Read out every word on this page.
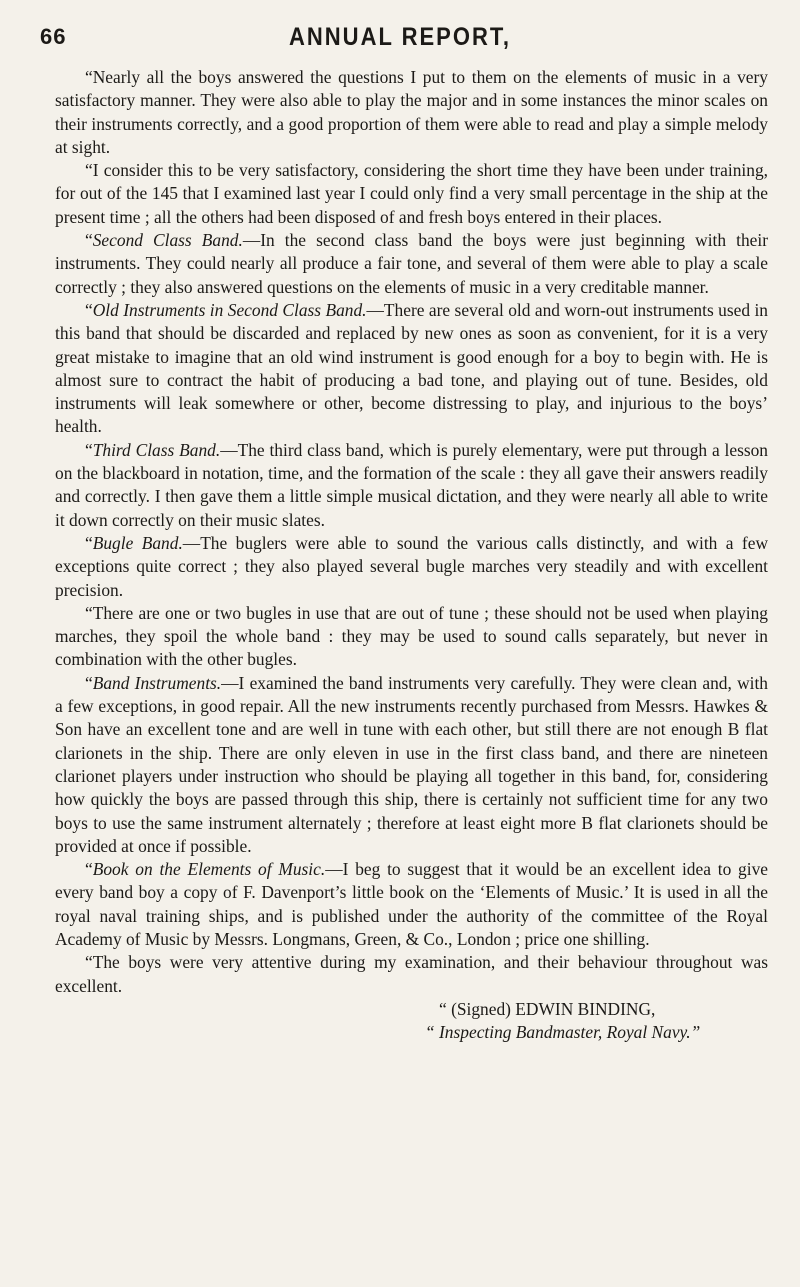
66	ANNUAL REPORT,

“Nearly all the boys answered the questions I put to them on the elements of music in a very satisfactory manner. They were also able to play the major and in some instances the minor scales on their instruments correctly, and a good proportion of them were able to read and play a simple melody at sight.

“I consider this to be very satisfactory, considering the short time they have been under training, for out of the 145 that I examined last year I could only find a very small percentage in the ship at the present time ; all the others had been disposed of and fresh boys entered in their places.

“Second Class Band.—In the second class band the boys were just beginning with their instruments. They could nearly all produce a fair tone, and several of them were able to play a scale correctly ; they also answered questions on the elements of music in a very creditable manner.

“Old Instruments in Second Class Band.—There are several old and worn-out instruments used in this band that should be discarded and replaced by new ones as soon as convenient, for it is a very great mistake to imagine that an old wind instrument is good enough for a boy to begin with. He is almost sure to contract the habit of producing a bad tone, and playing out of tune. Besides, old instruments will leak somewhere or other, become distressing to play, and injurious to the boys’ health.

“Third Class Band.—The third class band, which is purely elementary, were put through a lesson on the blackboard in notation, time, and the formation of the scale : they all gave their answers readily and correctly. I then gave them a little simple musical dictation, and they were nearly all able to write it down correctly on their music slates.

“Bugle Band.—The buglers were able to sound the various calls distinctly, and with a few exceptions quite correct ; they also played several bugle marches very steadily and with excellent precision.

“There are one or two bugles in use that are out of tune ; these should not be used when playing marches, they spoil the whole band : they may be used to sound calls separately, but never in combination with the other bugles.

“Band Instruments.—I examined the band instruments very carefully. They were clean and, with a few exceptions, in good repair. All the new instruments recently purchased from Messrs. Hawkes & Son have an excellent tone and are well in tune with each other, but still there are not enough B flat clarionets in the ship. There are only eleven in use in the first class band, and there are nineteen clarionet players under instruction who should be playing all together in this band, for, considering how quickly the boys are passed through this ship, there is certainly not sufficient time for any two boys to use the same instrument alternately ; therefore at least eight more B flat clarionets should be provided at once if possible.

“Book on the Elements of Music.—I beg to suggest that it would be an excellent idea to give every band boy a copy of F. Davenport’s little book on the ‘Elements of Music.’ It is used in all the royal naval training ships, and is published under the authority of the committee of the Royal Academy of Music by Messrs. Longmans, Green, & Co., London ; price one shilling.

“The boys were very attentive during my examination, and their behaviour throughout was excellent.

“ (Signed) EDWIN BINDING,
“ Inspecting Bandmaster, Royal Navy.”
